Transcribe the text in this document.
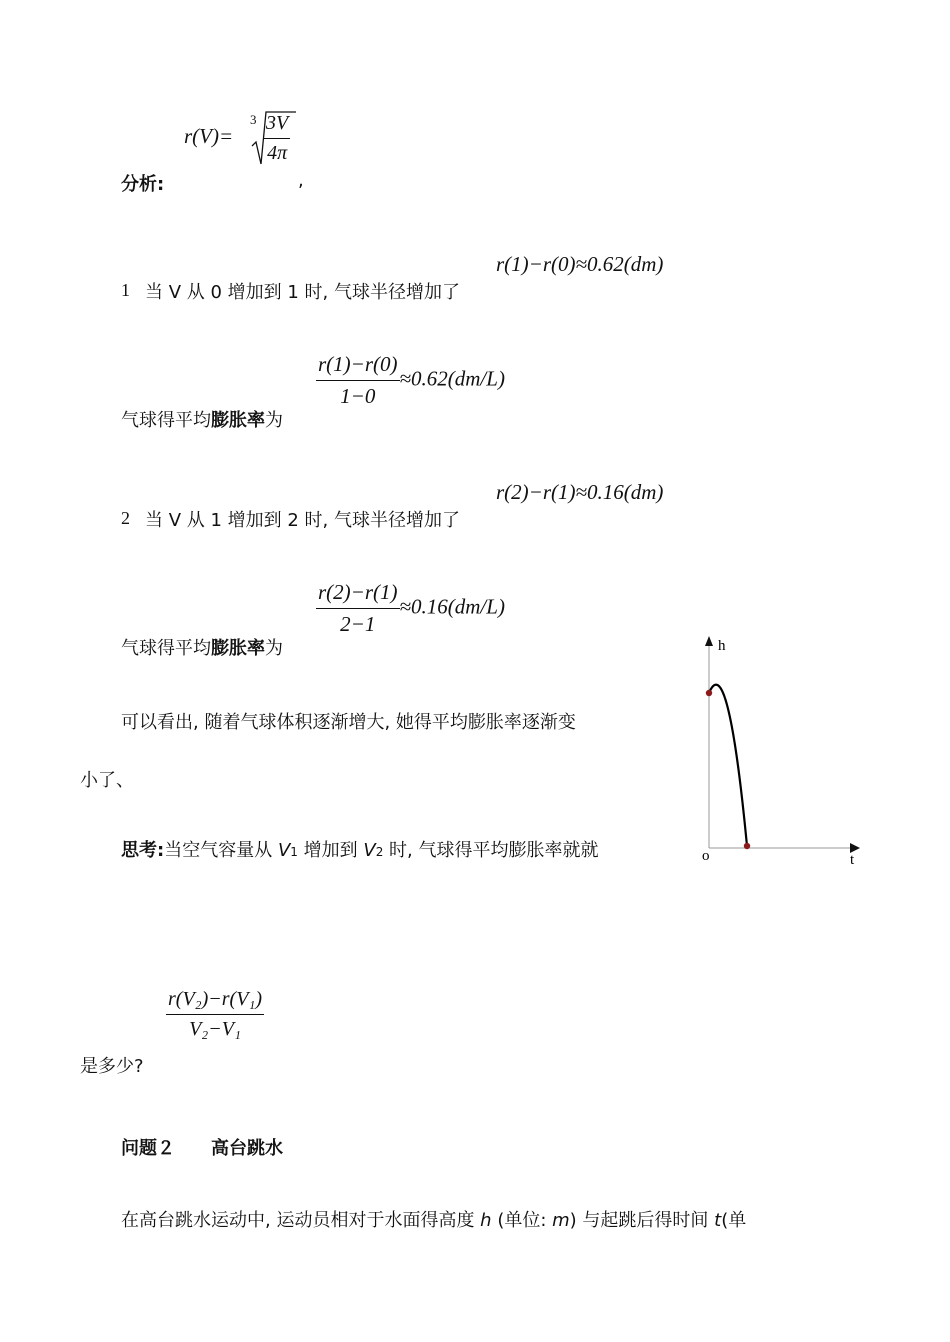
r(V)=
$3 \frac{3V}{4\pi}$
分析:	,
r(1)−r(0)≈0.62(dm)
1 当 V 从 0 增加到 1 时, 气球半径增加了
$\frac{r(1)-r(0)}{1-0} \approx 0.62(dm/L)$
气球得平均膨胀率为
r(2)−r(1)≈0.16(dm)
2 当 V 从 1 增加到 2 时, 气球半径增加了
$\frac{r(2)-r(1)}{2-1} \approx 0.16(dm/L)$
气球得平均膨胀率为
可以看出, 随着气球体积逐渐增大, 她得平均膨胀率逐渐变
小了、
思考:当空气容量从 V1 增加到 V2 时, 气球得平均膨胀率就就
$\frac{\text{r(V₂)−r(V₁)}}{\text{V₂−V₁}}$
是多少?
问题２ 高台跳水
在高台跳水运动中, 运动员相对于水面得高度 h (单位: m) 与起跳后得时间 t(单
h
t
o
